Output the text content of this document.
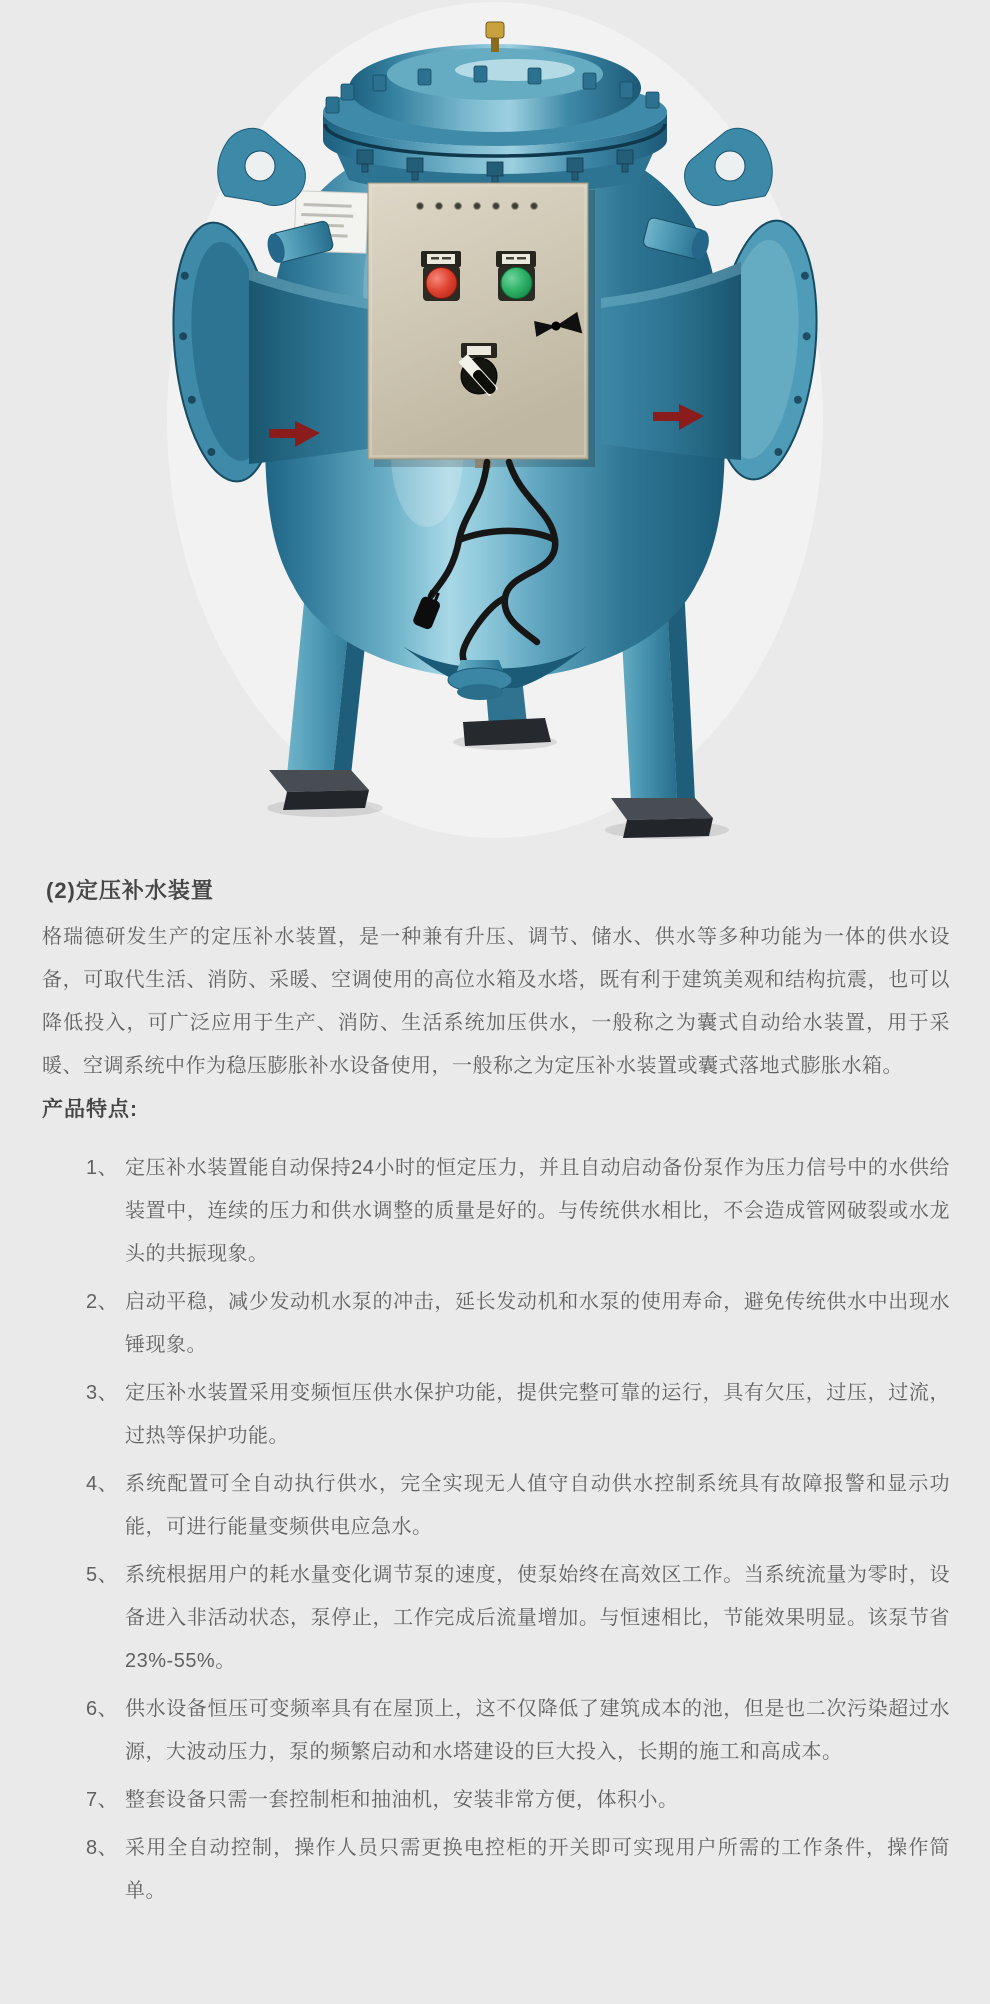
(2)定压补水装置

格瑞德研发生产的定压补水装置，是一种兼有升压、调节、储水、供水等多种功能为一体的供水设备，可取代生活、消防、采暖、空调使用的高位水箱及水塔，既有利于建筑美观和结构抗震，也可以降低投入，可广泛应用于生产、消防、生活系统加压供水，一般称之为囊式自动给水装置，用于采暖、空调系统中作为稳压膨胀补水设备使用，一般称之为定压补水装置或囊式落地式膨胀水箱。

产品特点:
1、 定压补水装置能自动保持24小时的恒定压力，并且自动启动备份泵作为压力信号中的水供给装置中，连续的压力和供水调整的质量是好的。与传统供水相比，不会造成管网破裂或水龙头的共振现象。
2、 启动平稳，减少发动机水泵的冲击，延长发动机和水泵的使用寿命，避免传统供水中出现水锤现象。
3、 定压补水装置采用变频恒压供水保护功能，提供完整可靠的运行，具有欠压，过压，过流，过热等保护功能。
4、 系统配置可全自动执行供水，完全实现无人值守自动供水控制系统具有故障报警和显示功能，可进行能量变频供电应急水。
5、 系统根据用户的耗水量变化调节泵的速度，使泵始终在高效区工作。当系统流量为零时，设备进入非活动状态，泵停止，工作完成后流量增加。与恒速相比，节能效果明显。该泵节省23%-55%。
6、 供水设备恒压可变频率具有在屋顶上，这不仅降低了建筑成本的池，但是也二次污染超过水源，大波动压力，泵的频繁启动和水塔建设的巨大投入，长期的施工和高成本。
7、 整套设备只需一套控制柜和抽油机，安装非常方便，体积小。
8、 采用全自动控制，操作人员只需更换电控柜的开关即可实现用户所需的工作条件，操作简单。
